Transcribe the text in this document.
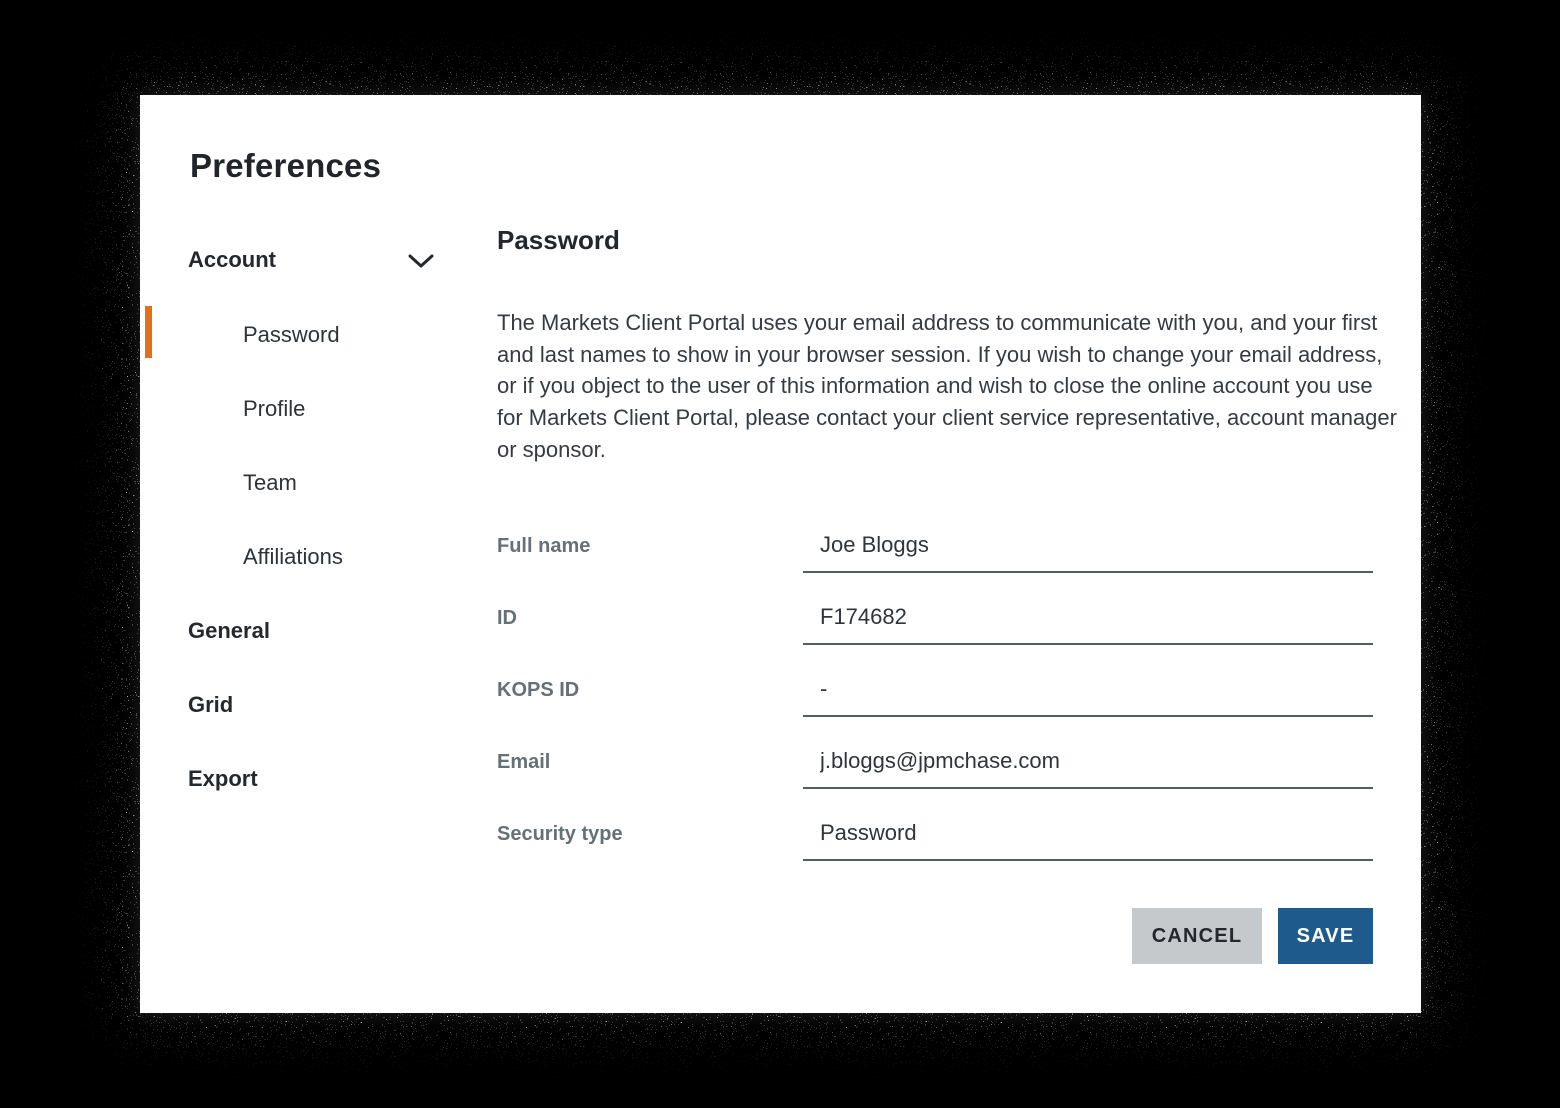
Preferences
Account
Password
Profile
Team
Affiliations
General
Grid
Export
Password
The Markets Client Portal uses your email address to communicate with you, and your first and last names to show in your browser session. If you wish to change your email address, or if you object to the user of this information and wish to close the online account you use for Markets Client Portal, please contact your client service representative, account manager or sponsor.
Full name
Joe Bloggs
ID
F174682
KOPS ID
-
Email
j.bloggs@jpmchase.com
Security type
Password
CANCEL	SAVE
